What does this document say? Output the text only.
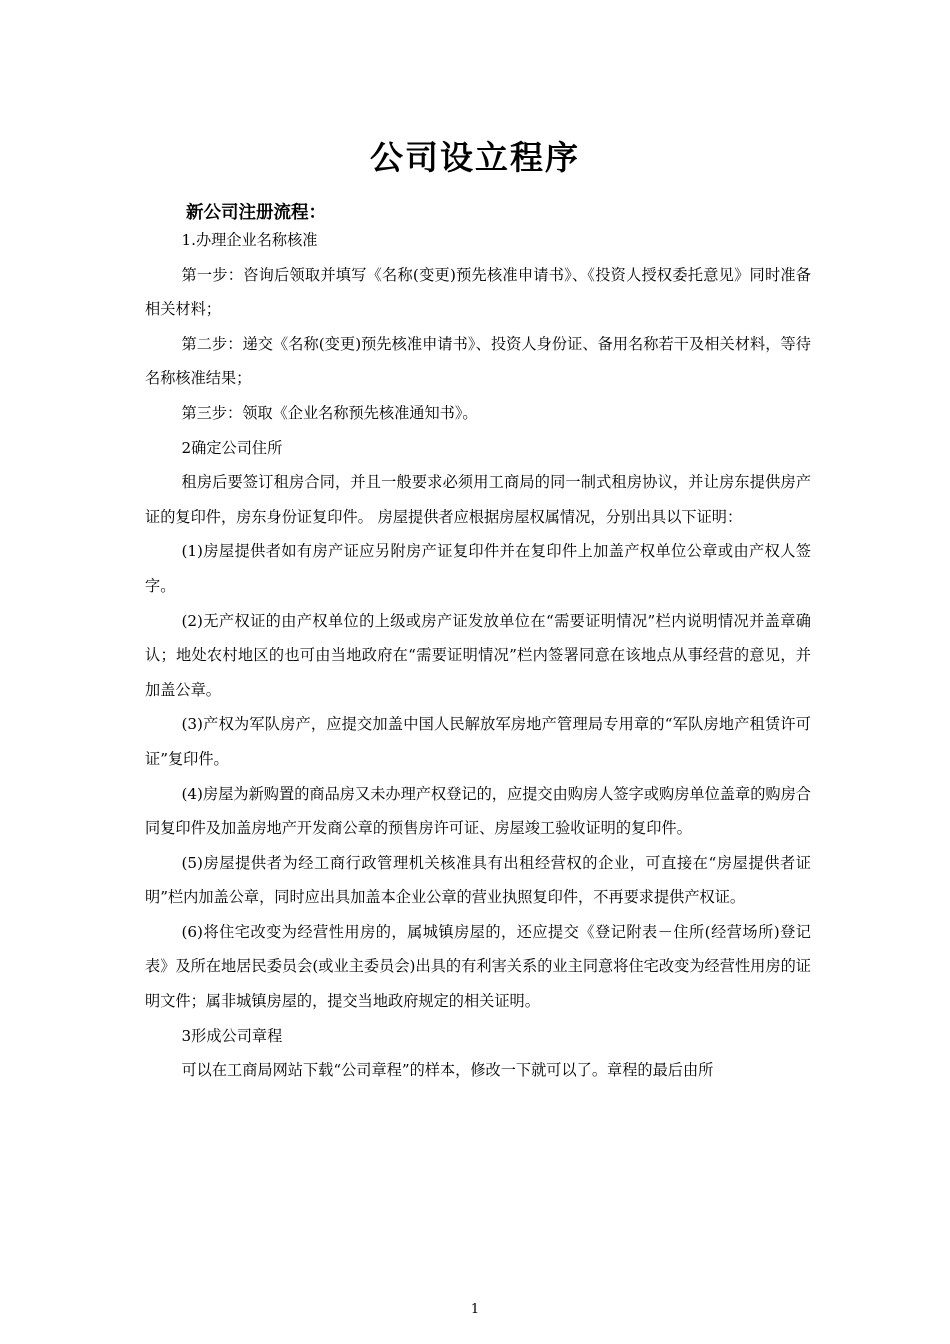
公司设立程序
新公司注册流程：

1.办理企业名称核准

第一步：咨询后领取并填写《名称(变更)预先核准申请书》、《投资人授权委托意见》同时准备相关材料；

第二步：递交《名称(变更)预先核准申请书》、投资人身份证、备用名称若干及相关材料，等待名称核准结果；

第三步：领取《企业名称预先核准通知书》。

2确定公司住所

租房后要签订租房合同，并且一般要求必须用工商局的同一制式租房协议，并让房东提供房产证的复印件，房东身份证复印件。 房屋提供者应根据房屋权属情况，分别出具以下证明：

(1)房屋提供者如有房产证应另附房产证复印件并在复印件上加盖产权单位公章或由产权人签字。

(2)无产权证的由产权单位的上级或房产证发放单位在“需要证明情况”栏内说明情况并盖章确认；地处农村地区的也可由当地政府在“需要证明情况”栏内签署同意在该地点从事经营的意见，并加盖公章。

(3)产权为军队房产，应提交加盖中国人民解放军房地产管理局专用章的“军队房地产租赁许可证”复印件。

(4)房屋为新购置的商品房又未办理产权登记的，应提交由购房人签字或购房单位盖章的购房合同复印件及加盖房地产开发商公章的预售房许可证、房屋竣工验收证明的复印件。

(5)房屋提供者为经工商行政管理机关核准具有出租经营权的企业，可直接在“房屋提供者证明”栏内加盖公章，同时应出具加盖本企业公章的营业执照复印件，不再要求提供产权证。

(6)将住宅改变为经营性用房的，属城镇房屋的，还应提交《登记附表－住所(经营场所)登记表》及所在地居民委员会(或业主委员会)出具的有利害关系的业主同意将住宅改变为经营性用房的证明文件；属非城镇房屋的，提交当地政府规定的相关证明。

3形成公司章程

可以在工商局网站下载“公司章程”的样本，修改一下就可以了。章程的最后由所

1
